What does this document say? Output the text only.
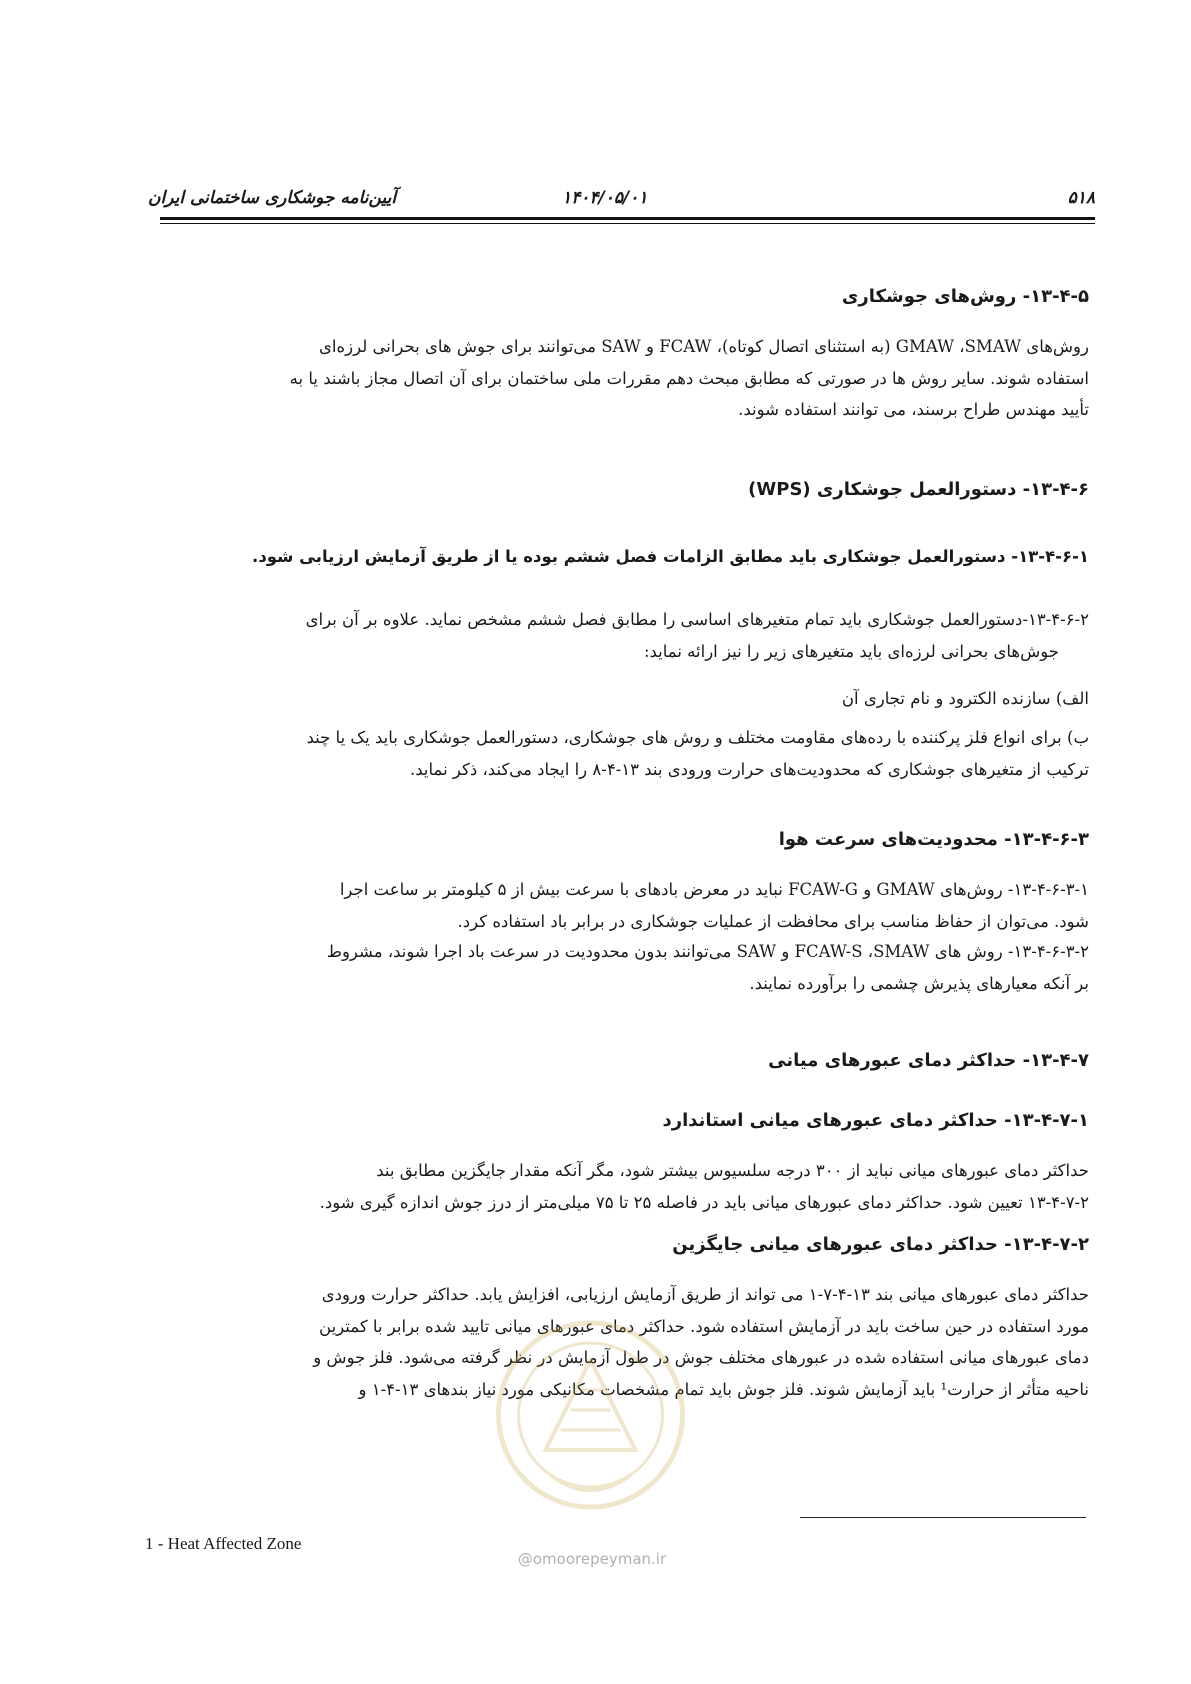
۵۱۸
۱۴۰۴/۰۵/۰۱
آیین‌نامه جوشکاری ساختمانی ایران
۱۳-۴-۵- روش‌های جوشکاری
روش‌های GMAW ،SMAW (به استثنای اتصال کوتاه)، FCAW و SAW می‌توانند برای جوش های بحرانی لرزه‌ای
استفاده شوند. سایر روش ها در صورتی که مطابق مبحث دهم مقررات ملی ساختمان برای آن اتصال مجاز باشند یا به
تأیید مهندس طراح برسند، می توانند استفاده شوند.
۱۳-۴-۶- دستورالعمل جوشکاری (WPS)
۱۳-۴-۶-۱- دستورالعمل جوشکاری باید مطابق الزامات فصل ششم بوده یا از طریق آزمایش ارزیابی شود.
۱۳-۴-۶-۲-دستورالعمل جوشکاری باید تمام متغیرهای اساسی را مطابق فصل ششم مشخص نماید. علاوه بر آن برای
جوش‌های بحرانی لرزه‌ای باید متغیرهای زیر را نیز ارائه نماید:
الف) سازنده الکترود و نام تجاری آن
ب) برای انواع فلز پرکننده با رده‌های مقاومت مختلف و روش های جوشکاری، دستورالعمل جوشکاری باید یک یا چند
ترکیب از متغیرهای جوشکاری که محدودیت‌های حرارت ورودی بند ۱۳-۴-۸ را ایجاد می‌کند، ذکر نماید.
۱۳-۴-۶-۳- محدودیت‌های سرعت هوا
۱۳-۴-۶-۳-۱- روش‌های GMAW و FCAW-G نباید در معرض بادهای با سرعت بیش از ۵ کیلومتر بر ساعت اجرا
شود. می‌توان از حفاظ مناسب برای محافظت از عملیات جوشکاری در برابر باد استفاده کرد.
۱۳-۴-۶-۳-۲- روش های FCAW-S ،SMAW و SAW می‌توانند بدون محدودیت در سرعت باد اجرا شوند، مشروط
بر آنکه معیارهای پذیرش چشمی را برآورده نمایند.
۱۳-۴-۷- حداکثر دمای عبورهای میانی
۱۳-۴-۷-۱- حداکثر دمای عبورهای میانی استاندارد
حداکثر دمای عبورهای میانی نباید از ۳۰۰ درجه سلسیوس بیشتر شود، مگر آنکه مقدار جایگزین مطابق بند
۱۳-۴-۷-۲ تعیین شود. حداکثر دمای عبورهای میانی باید در فاصله ۲۵ تا ۷۵ میلی‌متر از درز جوش اندازه گیری شود.
۱۳-۴-۷-۲- حداکثر دمای عبورهای میانی جایگزین
حداکثر دمای عبورهای میانی بند ۱۳-۴-۷-۱ می تواند از طریق آزمایش ارزیابی، افزایش یابد. حداکثر حرارت ورودی
مورد استفاده در حین ساخت باید در آزمایش استفاده شود. حداکثر دمای عبورهای میانی تایید شده برابر با کمترین
دمای عبورهای میانی استفاده شده در عبورهای مختلف جوش در طول آزمایش در نظر گرفته می‌شود. فلز جوش و
ناحیه متأثر از حرارت¹ باید آزمایش شوند. فلز جوش باید تمام مشخصات مکانیکی مورد نیاز بندهای ۱۳-۴-۱ و
@omoorepeyman.ir
1 - Heat Affected Zone
